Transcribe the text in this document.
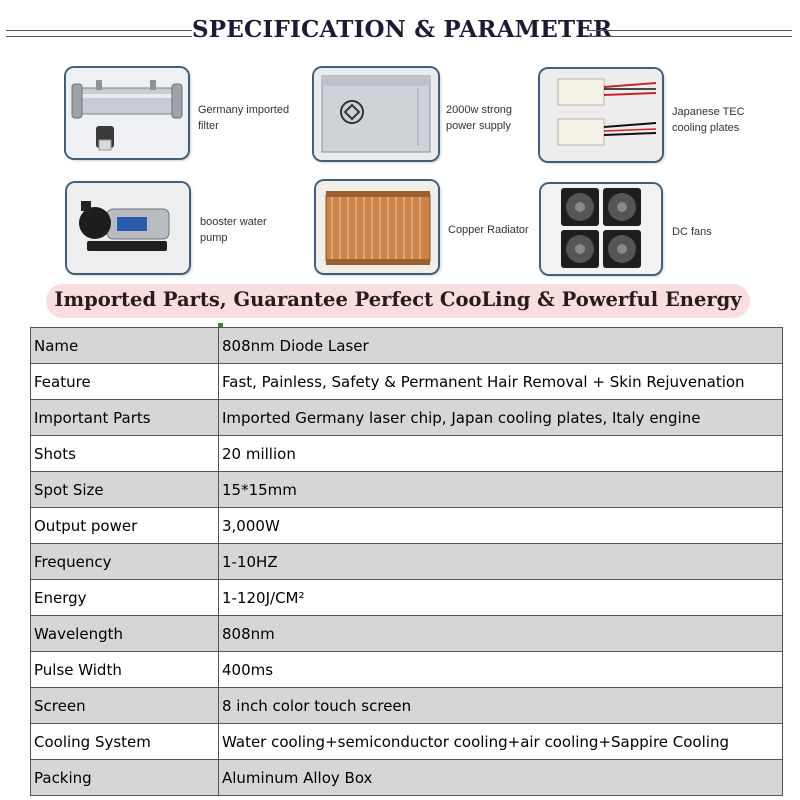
SPECIFICATION & PARAMETER
Germany imported
filter
2000w strong
power supply
Japanese TEC
cooling plates
booster water
pump
Copper Radiator	DC fans
Imported Parts, Guarantee Perfect CooLing & Powerful Energy
Name	808nm Diode Laser
Feature	Fast, Painless, Safety & Permanent Hair Removal + Skin Rejuvenation
Important Parts	Imported Germany laser chip, Japan cooling plates, Italy engine
Shots	20 million
Spot Size	15*15mm
Output power	3,000W
Frequency	1-10HZ
Energy	1-120J/CM²
Wavelength	808nm
Pulse Width	400ms
Screen	8 inch color touch screen
Cooling System	Water cooling+semiconductor cooling+air cooling+Sappire Cooling
Packing	Aluminum Alloy Box
